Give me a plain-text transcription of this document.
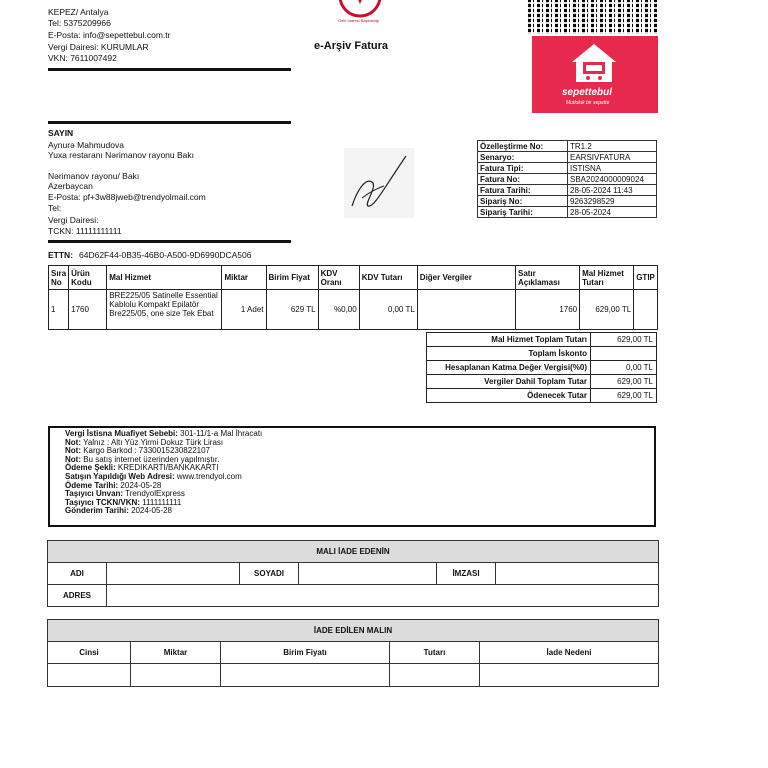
KEPEZ/ Antalya
Tel: 5375209966
E-Posta: info@sepettebul.com.tr
Vergi Dairesi: KURUMLAR
VKN: 7611007492
Gelir İdaresi Başkanlığı
e-Arşiv Fatura
sepettebul
Mutluluk bir sepette
SAYIN
Aynurə Mahmudova
Yuxa restaranı Nərimanov rayonu Bakı
Nərimanov rayonu/ Bakı
Azerbaycan
E-Posta: pf+3w88jweb@trendyolmail.com
Tel:
Vergi Dairesi:
TCKN: 11111111111
Özelleştirme No:	TR1.2
Senaryo:	EARSIVFATURA
Fatura Tipi:	ISTISNA
Fatura No:	SBA2024000009024
Fatura Tarihi:	28-05-2024 11:43
Sipariş No:	9263298529
Sipariş Tarihi:	28-05-2024
ETTN: 64D62F44-0B35-46B0-A500-9D6990DCA506
Sıra No	Ürün Kodu	Mal Hizmet	Miktar	Birim Fiyat	KDV Oranı	KDV Tutarı	Diğer Vergiler	Satır Açıklaması	Mal Hizmet Tutarı	GTIP
1	1760	BRE225/05 Satinelle Essential Kablolu Kompakt Epilatör Bre225/05, one size Tek Ebat	1 Adet	629 TL	%0,00	0,00 TL		1760	629,00 TL	
Mal Hizmet Toplam Tutarı	629,00 TL
Toplam İskonto	
Hesaplanan Katma Değer Vergisi(%0)	0,00 TL
Vergiler Dahil Toplam Tutar	629,00 TL
Ödenecek Tutar	629,00 TL
Vergi İstisna Muafiyet Sebebi: 301-11/1-a Mal İhracatı
Not: Yalnız : Altı Yüz Yirmi Dokuz Türk Lirası
Not: Kargo Barkod : 7330015230822107
Not: Bu satış internet üzerinden yapılmıştır.
Ödeme Şekli: KREDIKARTI/BANKAKARTI
Satışın Yapıldığı Web Adresi: www.trendyol.com
Ödeme Tarihi: 2024-05-28
Taşıyıcı Unvan: TrendyolExpress
Taşıyıcı TCKN/VKN: 1111111111
Gönderim Tarihi: 2024-05-28
MALI İADE EDENİN					
ADI		SOYADI		İMZASI	
ADRES					
İADE EDİLEN MALIN				
Cinsi	Miktar	Birim Fiyatı	Tutarı	İade Nedeni
